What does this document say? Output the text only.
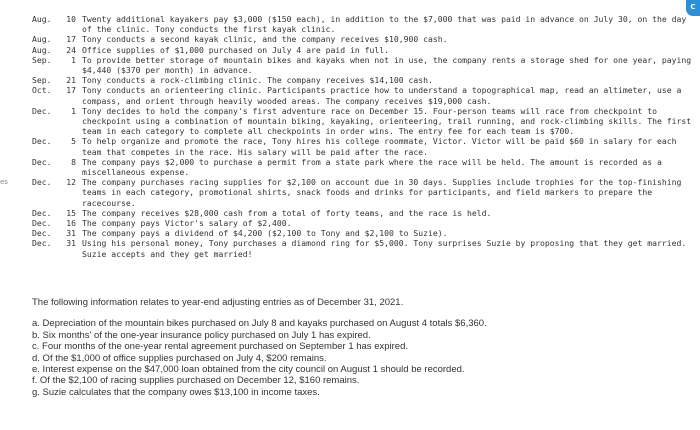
es
C
Aug.	10 Twenty additional kayakers pay $3,000 ($150 each), in addition to the $7,000 that was paid in advance on July 30, on the day of the clinic. Tony conducts the first kayak clinic.
Aug.	17 Tony conducts a second kayak clinic, and the company receives $10,900 cash.
Aug.	24 Office supplies of $1,000 purchased on July 4 are paid in full.
Sep.	1 To provide better storage of mountain bikes and kayaks when not in use, the company rents a storage shed for one year, paying $4,440 ($370 per month) in advance.
Sep.	21 Tony conducts a rock-climbing clinic. The company receives $14,100 cash.
Oct.	17 Tony conducts an orienteering clinic. Participants practice how to understand a topographical map, read an altimeter, use a compass, and orient through heavily wooded areas. The company receives $19,000 cash.
Dec.	1 Tony decides to hold the company's first adventure race on December 15. Four-person teams will race from checkpoint to checkpoint using a combination of mountain biking, kayaking, orienteering, trail running, and rock-climbing skills. The first team in each category to complete all checkpoints in order wins. The entry fee for each team is $700.
Dec.	5 To help organize and promote the race, Tony hires his college roommate, Victor. Victor will be paid $60 in salary for each team that competes in the race. His salary will be paid after the race.
Dec.	8 The company pays $2,000 to purchase a permit from a state park where the race will be held. The amount is recorded as a miscellaneous expense.
Dec.	12 The company purchases racing supplies for $2,100 on account due in 30 days. Supplies include trophies for the top-finishing teams in each category, promotional shirts, snack foods and drinks for participants, and field markers to prepare the racecourse.
Dec.	15 The company receives $28,000 cash from a total of forty teams, and the race is held.
Dec.	16 The company pays Victor's salary of $2,400.
Dec.	31 The company pays a dividend of $4,200 ($2,100 to Tony and $2,100 to Suzie).
Dec.	31 Using his personal money, Tony purchases a diamond ring for $5,000. Tony surprises Suzie by proposing that they get married. Suzie accepts and they get married!

The following information relates to year-end adjusting entries as of December 31, 2021.

a. Depreciation of the mountain bikes purchased on July 8 and kayaks purchased on August 4 totals $6,360.

b. Six months' of the one-year insurance policy purchased on July 1 has expired.

c. Four months of the one-year rental agreement purchased on September 1 has expired.

d. Of the $1,000 of office supplies purchased on July 4, $200 remains.

e. Interest expense on the $47,000 loan obtained from the city council on August 1 should be recorded.

f. Of the $2,100 of racing supplies purchased on December 12, $160 remains.

g. Suzie calculates that the company owes $13,100 in income taxes.
